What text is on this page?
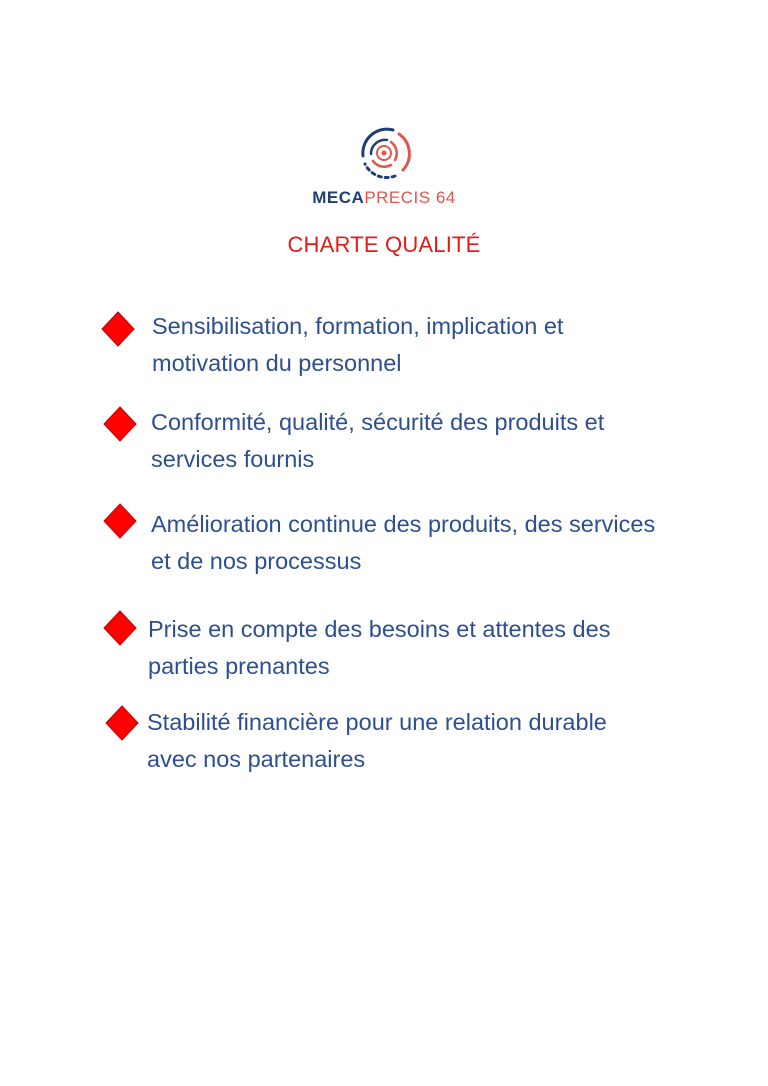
MECAPRECIS 64
CHARTE QUALITÉ
Sensibilisation, formation, implication et
motivation du personnel
Conformité, qualité, sécurité des produits et
services fournis
Amélioration continue des produits, des services
et de nos processus
Prise en compte des besoins et attentes des
parties prenantes
Stabilité financière pour une relation durable
avec nos partenaires
